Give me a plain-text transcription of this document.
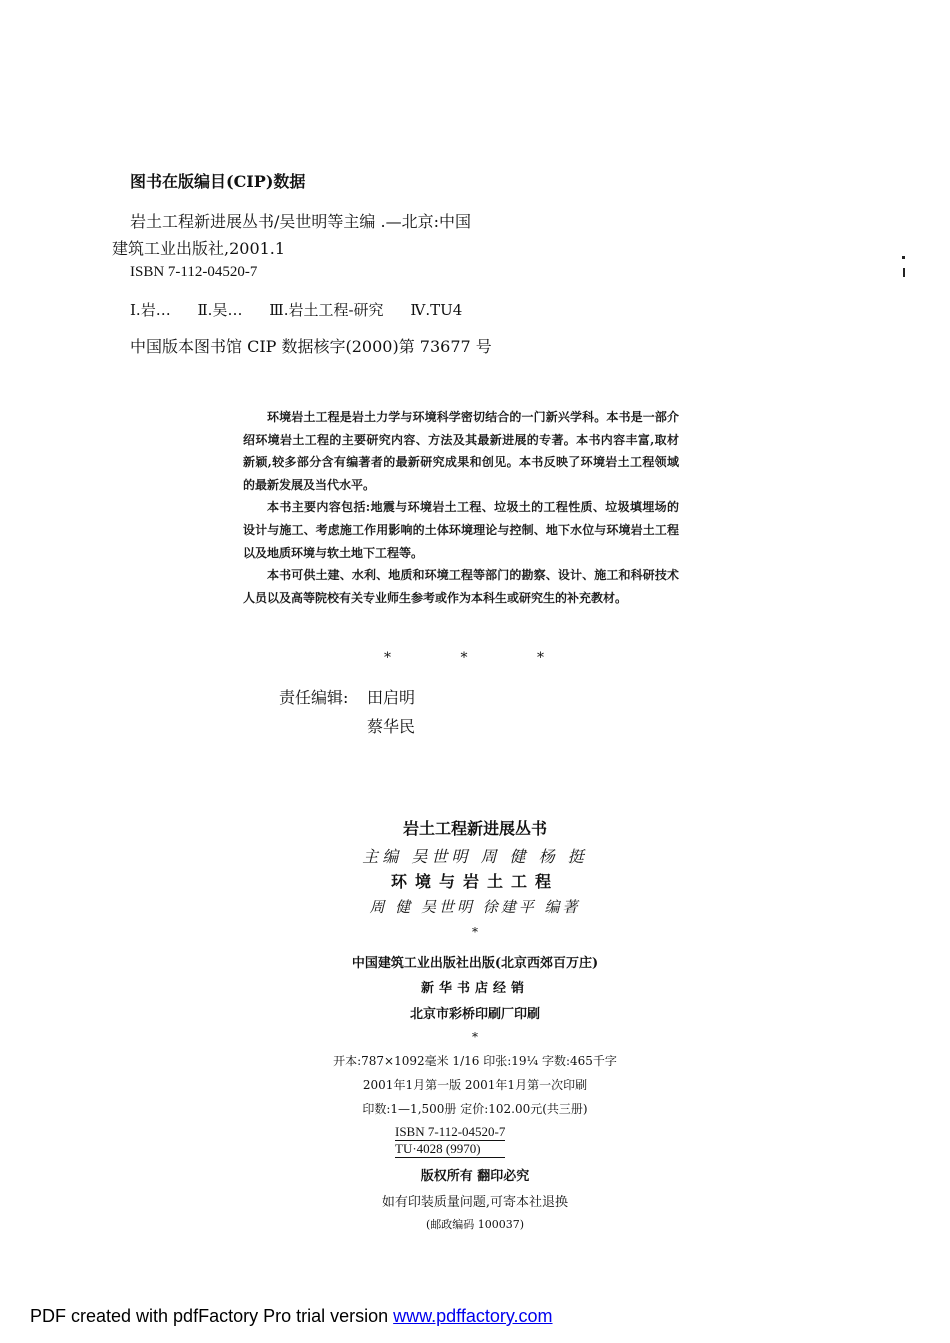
图书在版编目(CIP)数据
岩土工程新进展丛书/吴世明等主编 .—北京:中国
建筑工业出版社,2001.1
ISBN 7-112-04520-7
Ⅰ.岩… Ⅱ.吴… Ⅲ.岩土工程-研究 Ⅳ.TU4
中国版本图书馆 CIP 数据核字(2000)第 73677 号

环境岩土工程是岩土力学与环境科学密切结合的一门新兴学科。本书是一部介绍环境岩土工程的主要研究内容、方法及其最新进展的专著。本书内容丰富,取材新颖,较多部分含有编著者的最新研究成果和创见。本书反映了环境岩土工程领域的最新发展及当代水平。

本书主要内容包括:地震与环境岩土工程、垃圾土的工程性质、垃圾填埋场的设计与施工、考虑施工作用影响的土体环境理论与控制、地下水位与环境岩土工程以及地质环境与软土地下工程等。

本书可供土建、水利、地质和环境工程等部门的勘察、设计、施工和科研技术人员以及高等院校有关专业师生参考或作为本科生或研究生的补充教材。

*	*	*
责任编辑: 田启明
蔡华民
岩土工程新进展丛书
主编 吴世明 周 健 杨 挺
环境与岩土工程
周 健 吴世明 徐建平 编著
*
中国建筑工业出版社出版(北京西郊百万庄)
新华书店经销
北京市彩桥印刷厂印刷
*
开本:787×1092毫米 1/16 印张:19¼ 字数:465千字
2001年1月第一版 2001年1月第一次印刷
印数:1—1,500册 定价:102.00元(共三册)
ISBN 7-112-04520-7
TU·4028 (9970)
版权所有 翻印必究
如有印装质量问题,可寄本社退换
(邮政编码 100037)
PDF created with pdfFactory Pro trial version www.pdffactory.com
